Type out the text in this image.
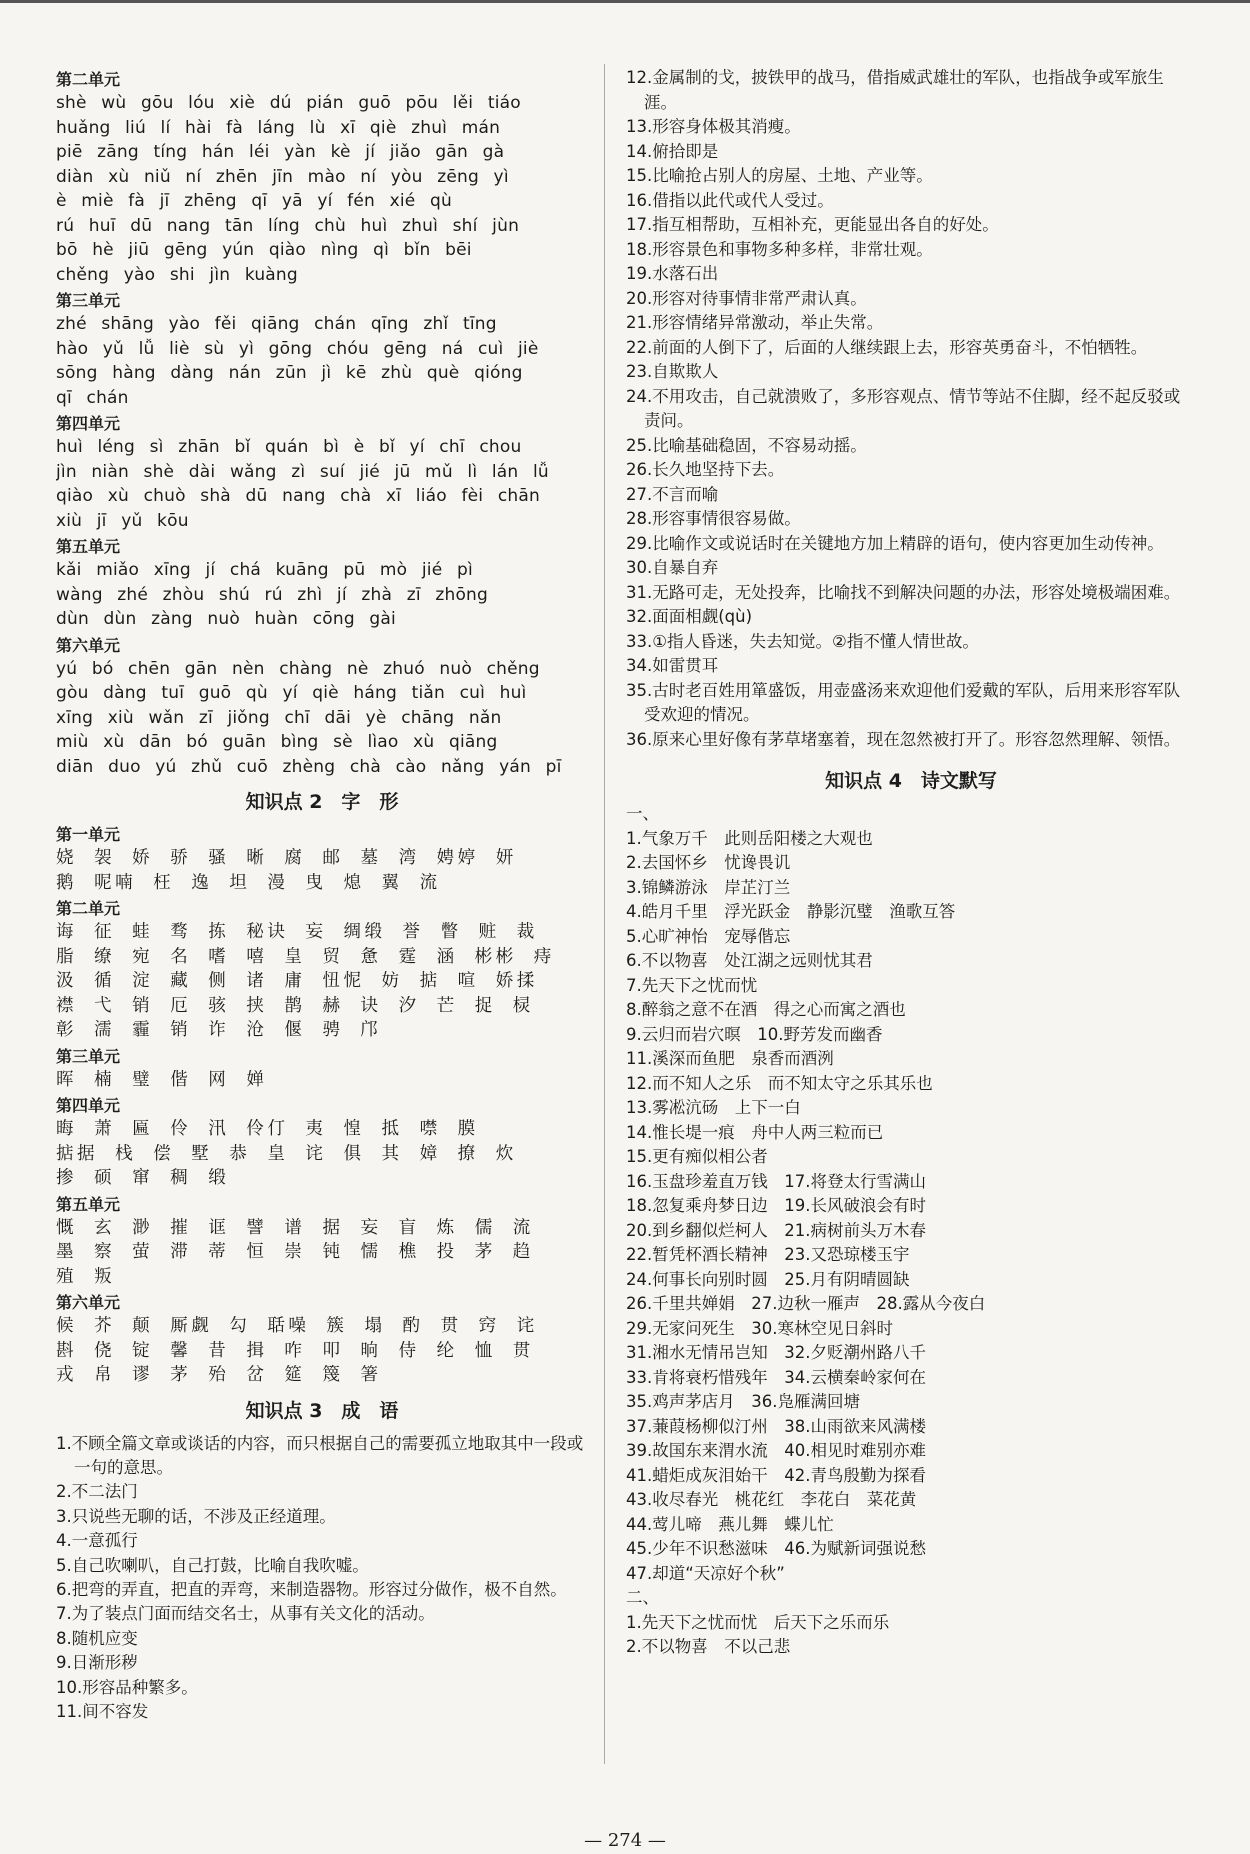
第二单元
shè wù gōu lóu xiè dú pián guō pōu lěi tiáo
huǎng liú lí hài fà láng lù xī qiè zhuì mán
piē zāng tíng hán léi yàn kè jí jiǎo gān gà
diàn xù niǔ ní zhēn jīn mào ní yòu zēng yì
è miè fà jī zhēng qī yā yí fén xié qù
rú huī dū nang tān líng chù huì zhuì shí jùn
bō hè jiū gēng yún qiào nìng qì bǐn bēi
chěng yào shi jìn kuàng
第三单元
zhé shāng yào fěi qiāng chán qīng zhǐ tīng
hào yǔ lǚ liè sù yì gōng chóu gēng ná cuì jiè
sōng hàng dàng nán zūn jì kē zhù què qióng
qī chán
第四单元
huì léng sì zhān bǐ quán bì è bǐ yí chī chou
jìn niàn shè dài wǎng zì suí jié jū mǔ lì lán lǚ
qiào xù chuò shà dū nang chà xī liáo fèi chān
xiù jī yǔ kōu
第五单元
kǎi miǎo xīng jí chá kuāng pū mò jié pì
wàng zhé zhòu shú rú zhì jí zhà zī zhōng
dùn dùn zàng nuò huàn cōng gài
第六单元
yú bó chēn gān nèn chàng nè zhuó nuò chěng
gòu dàng tuī guō qù yí qiè háng tiǎn cuì huì
xīng xiù wǎn zī jiǒng chī dāi yè chāng nǎn
miù xù dān bó guān bìng sè lìao xù qiāng
diān duo yú zhǔ cuō zhèng chà cào nǎng yán pī
知识点 2　字　形
第一单元
娆 袈 娇 骄 骚 晰 腐 邮 墓 湾 娉婷 妍
鹅 呢喃 枉 逸 坦 漫 曳 熄 翼 流
第二单元
诲 征 蛙 骛 拣 秘诀 妄 绸缎 誉 瞥 赃 裁
脂 缭 宛 名 嗜 嘻 皇 贸 惫 霆 涵 彬彬 痔
汲 循 淀 藏 侧 诸 庸 忸怩 妨 掂 喧 娇揉
襟 弋 销 厄 骇 挟 鹊 赫 诀 汐 芒 捉 棂
彰 濡 霾 销 诈 沧 偃 骋 邝
第三单元
晖 楠 璧 偕 网 婵
第四单元
晦 萧 匾 伶 汛 伶仃 夷 惶 抵 噤 膜
掂据 栈 偿 墅 恭 皇 诧 俱 其 嫜 撩 炊
掺 硕 窜 稠 缎
第五单元
慨 玄 渺 摧 诓 譬 谱 据 妄 盲 炼 儒 流
墨 察 萤 滞 蒂 恒 崇 钝 懦 樵 投 茅 趋
殖 叛
第六单元
候 芥 颠 厮觑 勾 聒噪 簇 塌 酌 贯 窍 诧
斟 侥 锭 馨 昔 揖 咋 叩 晌 侍 纶 恤 贯
戎 帛 谬 茅 殆 岔 筵 篾 箸
知识点 3　成　语
1.不顾全篇文章或谈话的内容，而只根据自己的需要孤立地取其中一段或一句的意思。
2.不二法门
3.只说些无聊的话，不涉及正经道理。
4.一意孤行
5.自己吹喇叭，自己打鼓，比喻自我吹嘘。
6.把弯的弄直，把直的弄弯，来制造器物。形容过分做作，极不自然。
7.为了装点门面而结交名士，从事有关文化的活动。
8.随机应变
9.日渐形秽
10.形容品种繁多。
11.间不容发
12.金属制的戈，披铁甲的战马，借指威武雄壮的军队，也指战争或军旅生涯。
13.形容身体极其消瘦。
14.俯拾即是
15.比喻抢占别人的房屋、土地、产业等。
16.借指以此代或代人受过。
17.指互相帮助，互相补充，更能显出各自的好处。
18.形容景色和事物多种多样，非常壮观。
19.水落石出
20.形容对待事情非常严肃认真。
21.形容情绪异常激动，举止失常。
22.前面的人倒下了，后面的人继续跟上去，形容英勇奋斗，不怕牺牲。
23.自欺欺人
24.不用攻击，自己就溃败了，多形容观点、情节等站不住脚，经不起反驳或责问。
25.比喻基础稳固，不容易动摇。
26.长久地坚持下去。
27.不言而喻
28.形容事情很容易做。
29.比喻作文或说话时在关键地方加上精辟的语句，使内容更加生动传神。
30.自暴自弃
31.无路可走，无处投奔，比喻找不到解决问题的办法，形容处境极端困难。
32.面面相觑(qù)
33.①指人昏迷，失去知觉。②指不懂人情世故。
34.如雷贯耳
35.古时老百姓用箪盛饭，用壶盛汤来欢迎他们爱戴的军队，后用来形容军队受欢迎的情况。
36.原来心里好像有茅草堵塞着，现在忽然被打开了。形容忽然理解、领悟。
知识点 4　诗文默写
一、
1.气象万千　此则岳阳楼之大观也
2.去国怀乡　忧谗畏讥
3.锦鳞游泳　岸芷汀兰
4.皓月千里　浮光跃金　静影沉璧　渔歌互答
5.心旷神怡　宠辱偕忘
6.不以物喜　处江湖之远则忧其君
7.先天下之忧而忧
8.醉翁之意不在酒　得之心而寓之酒也
9.云归而岩穴暝　10.野芳发而幽香
11.溪深而鱼肥　泉香而酒洌
12.而不知人之乐　而不知太守之乐其乐也
13.雾凇沆砀　上下一白
14.惟长堤一痕　舟中人两三粒而已
15.更有痴似相公者
16.玉盘珍羞直万钱　17.将登太行雪满山
18.忽复乘舟梦日边　19.长风破浪会有时
20.到乡翻似烂柯人　21.病树前头万木春
22.暂凭杯酒长精神　23.又恐琼楼玉宇
24.何事长向别时圆　25.月有阴晴圆缺
26.千里共婵娟　27.边秋一雁声　28.露从今夜白
29.无家问死生　30.寒林空见日斜时
31.湘水无情吊岂知　32.夕贬潮州路八千
33.肯将衰朽惜残年　34.云横秦岭家何在
35.鸡声茅店月　36.凫雁满回塘
37.蒹葭杨柳似汀州　38.山雨欲来风满楼
39.故国东来渭水流　40.相见时难别亦难
41.蜡炬成灰泪始干　42.青鸟殷勤为探看
43.收尽春光　桃花红　李花白　菜花黄
44.莺儿啼　燕儿舞　蝶儿忙
45.少年不识愁滋味　46.为赋新词强说愁
47.却道“天凉好个秋”
二、
1.先天下之忧而忧　后天下之乐而乐
2.不以物喜　不以己悲
— 274 —
